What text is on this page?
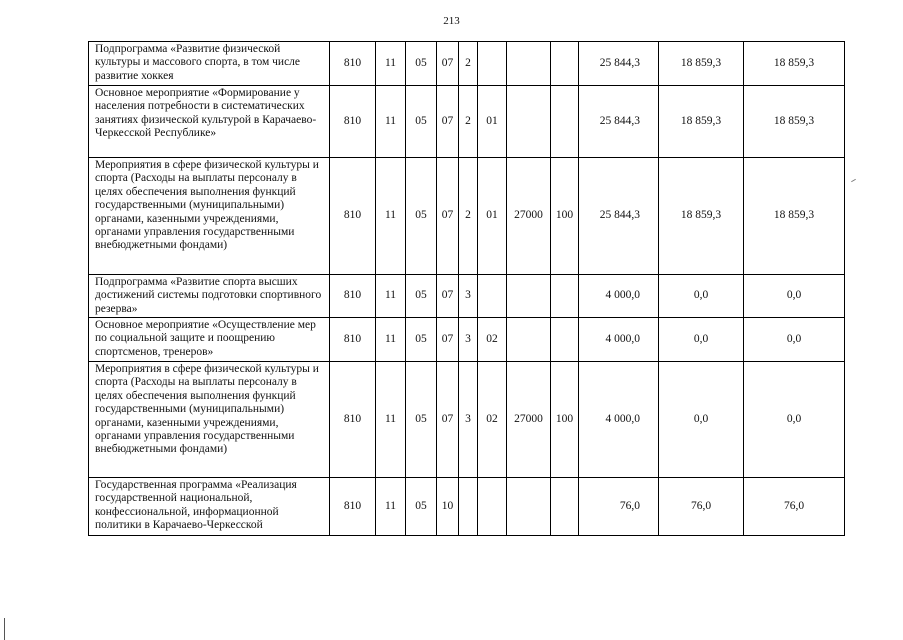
213
Подпрограмма «Развитие физической культуры и массового спорта, в том числе развитие хоккея	810	11	05	07	2				25 844,3	18 859,3	18 859,3
Основное мероприятие «Формирование у населения потребности в систематических занятиях физической культурой в Карачаево-Черкесской Республике»	810	11	05	07	2	01			25 844,3	18 859,3	18 859,3
Мероприятия в сфере физической культуры и спорта (Расходы на выплаты персоналу в целях обеспечения выполнения функций государственными (муниципальными) органами, казенными учреждениями, органами управления государственными внебюджетными фондами)	810	11	05	07	2	01	27000	100	25 844,3	18 859,3	18 859,3
Подпрограмма «Развитие спорта высших достижений системы подготовки спортивного резерва»	810	11	05	07	3				4 000,0	0,0	0,0
Основное мероприятие «Осуществление мер по социальной защите и поощрению спортсменов, тренеров»	810	11	05	07	3	02			4 000,0	0,0	0,0
Мероприятия в сфере физической культуры и спорта (Расходы на выплаты персоналу в целях обеспечения выполнения функций государственными (муниципальными) органами, казенными учреждениями, органами управления государственными внебюджетными фондами)	810	11	05	07	3	02	27000	100	4 000,0	0,0	0,0
Государственная программа «Реализация государственной национальной, конфессиональной, информационной политики в Карачаево-Черкесской	810	11	05	10					76,0	76,0	76,0
